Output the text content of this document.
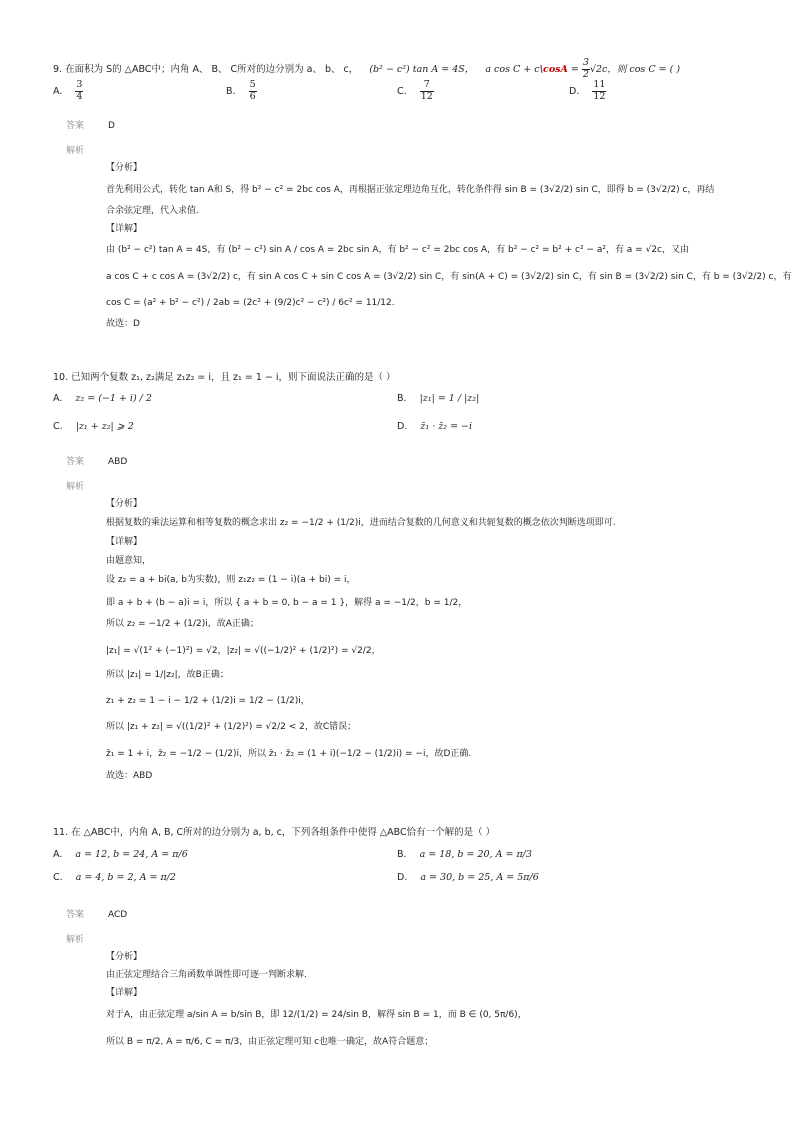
9. 在面积为 S的 △ABC中；内角 A、 B、 C所对的边分别为 a、 b、 c， (b² − c²) tan A = 4S， a cos C + c\cosA = $\frac{3}{2} √2c$，则 cos C = ( )
A. $\frac{3}{4}$	B. $\frac{5}{6}$	C. $\frac{7}{12}$	D. $\frac{11}{12}$
答案	D
解析
【分析】
首先利用公式，转化 tan A和 S，得 b² − c² = 2bc cos A，再根据正弦定理边角互化，转化条件得 sin B = (3√2/2) sin C，即得 b = (3√2/2) c，再结
合余弦定理，代入求值.
【详解】
由 (b² − c²) tan A = 4S，有 (b² − c²) sin A / cos A = 2bc sin A，有 b² − c² = 2bc cos A，有 b² − c² = b² + c² − a²，有 a = √2c，又由
a cos C + c cos A = (3√2/2) c，有 sin A cos C + sin C cos A = (3√2/2) sin C，有 sin(A + C) = (3√2/2) sin C，有 sin B = (3√2/2) sin C，有 b = (3√2/2) c，有
cos C = (a² + b² − c²) / 2ab = (2c² + (9/2)c² − c²) / 6c² = 11/12.
故选：D
10. 已知两个复数 z₁, z₂满足 z₁z₂ = i，且 z₁ = 1 − i，则下面说法正确的是（ ）
A. z₂ = (−1 + i) / 2	B. |z₁| = 1 / |z₂|
C. |z₁ + z₂| ⩾ 2	D. z̄₁ · z̄₂ = −i
答案	ABD
解析
【分析】
根据复数的乘法运算和相等复数的概念求出 z₂ = −1/2 + (1/2)i，进而结合复数的几何意义和共轭复数的概念依次判断选项即可.
【详解】
由题意知，
设 z₂ = a + bi(a, b为实数)，则 z₁z₂ = (1 − i)(a + bi) = i，
即 a + b + (b − a)i = i，所以 { a + b = 0, b − a = 1 }，解得 a = −1/2，b = 1/2，
所以 z₂ = −1/2 + (1/2)i，故A正确；
|z₁| = √(1² + (−1)²) = √2，|z₂| = √((−1/2)² + (1/2)²) = √2/2，
所以 |z₁| = 1/|z₂|，故B正确；
z₁ + z₂ = 1 − i − 1/2 + (1/2)i = 1/2 − (1/2)i，
所以 |z₁ + z₂| = √((1/2)² + (1/2)²) = √2/2 < 2，故C错误；
z̄₁ = 1 + i，z̄₂ = −1/2 − (1/2)i，所以 z̄₁ · z̄₂ = (1 + i)(−1/2 − (1/2)i) = −i，故D正确.
故选：ABD
11. 在 △ABC中，内角 A, B, C所对的边分别为 a, b, c，下列各组条件中使得 △ABC恰有一个解的是（ ）
A. a = 12, b = 24, A = π/6	B. a = 18, b = 20, A = π/3
C. a = 4, b = 2, A = π/2	D. a = 30, b = 25, A = 5π/6
答案	ACD
解析
【分析】
由正弦定理结合三角函数单调性即可逐一判断求解.
【详解】
对于A，由正弦定理 a/sin A = b/sin B，即 12/(1/2) = 24/sin B，解得 sin B = 1，而 B ∈ (0, 5π/6)，
所以 B = π/2, A = π/6, C = π/3，由正弦定理可知 c也唯一确定，故A符合题意；
